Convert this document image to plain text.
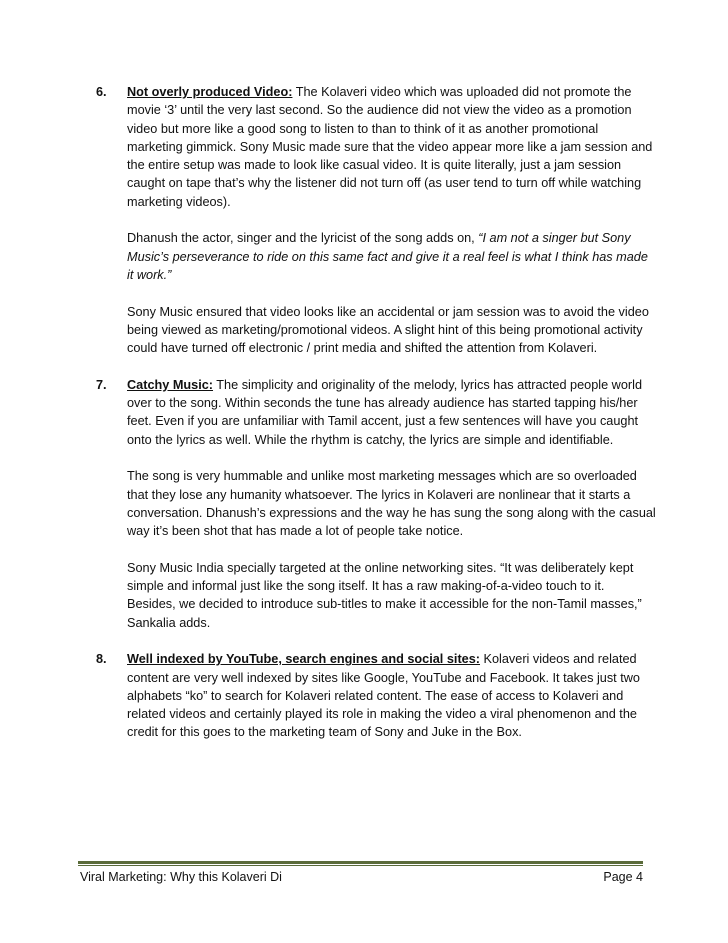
6.	Not overly produced Video: The Kolaveri video which was uploaded did not promote the movie ‘3’ until the very last second. So the audience did not view the video as a promotion video but more like a good song to listen to than to think of it as another promotional marketing gimmick. Sony Music made sure that the video appear more like a jam session and the entire setup was made to look like casual video. It is quite literally, just a jam session caught on tape that’s why the listener did not turn off (as user tend to turn off while watching marketing videos).

Dhanush the actor, singer and the lyricist of the song adds on, “I am not a singer but Sony Music’s perseverance to ride on this same fact and give it a real feel is what I think has made it work.”

Sony Music ensured that video looks like an accidental or jam session was to avoid the video being viewed as marketing/promotional videos. A slight hint of this being promotional activity could have turned off electronic / print media and shifted the attention from Kolaveri.

7.	Catchy Music: The simplicity and originality of the melody, lyrics has attracted people world over to the song. Within seconds the tune has already audience has started tapping his/her feet. Even if you are unfamiliar with Tamil accent, just a few sentences will have you caught onto the lyrics as well. While the rhythm is catchy, the lyrics are simple and identifiable.

The song is very hummable and unlike most marketing messages which are so overloaded that they lose any humanity whatsoever. The lyrics in Kolaveri are nonlinear that it starts a conversation. Dhanush’s expressions and the way he has sung the song along with the casual way it’s been shot that has made a lot of people take notice.

Sony Music India specially targeted at the online networking sites. “It was deliberately kept simple and informal just like the song itself. It has a raw making-of-a-video touch to it. Besides, we decided to introduce sub-titles to make it accessible for the non-Tamil masses,” Sankalia adds.

8.	Well indexed by YouTube, search engines and social sites: Kolaveri videos and related content are very well indexed by sites like Google, YouTube and Facebook. It takes just two alphabets “ko” to search for Kolaveri related content. The ease of access to Kolaveri and related videos and certainly played its role in making the video a viral phenomenon and the credit for this goes to the marketing team of Sony and Juke in the Box.

Viral Marketing: Why this Kolaveri Di	Page 4
